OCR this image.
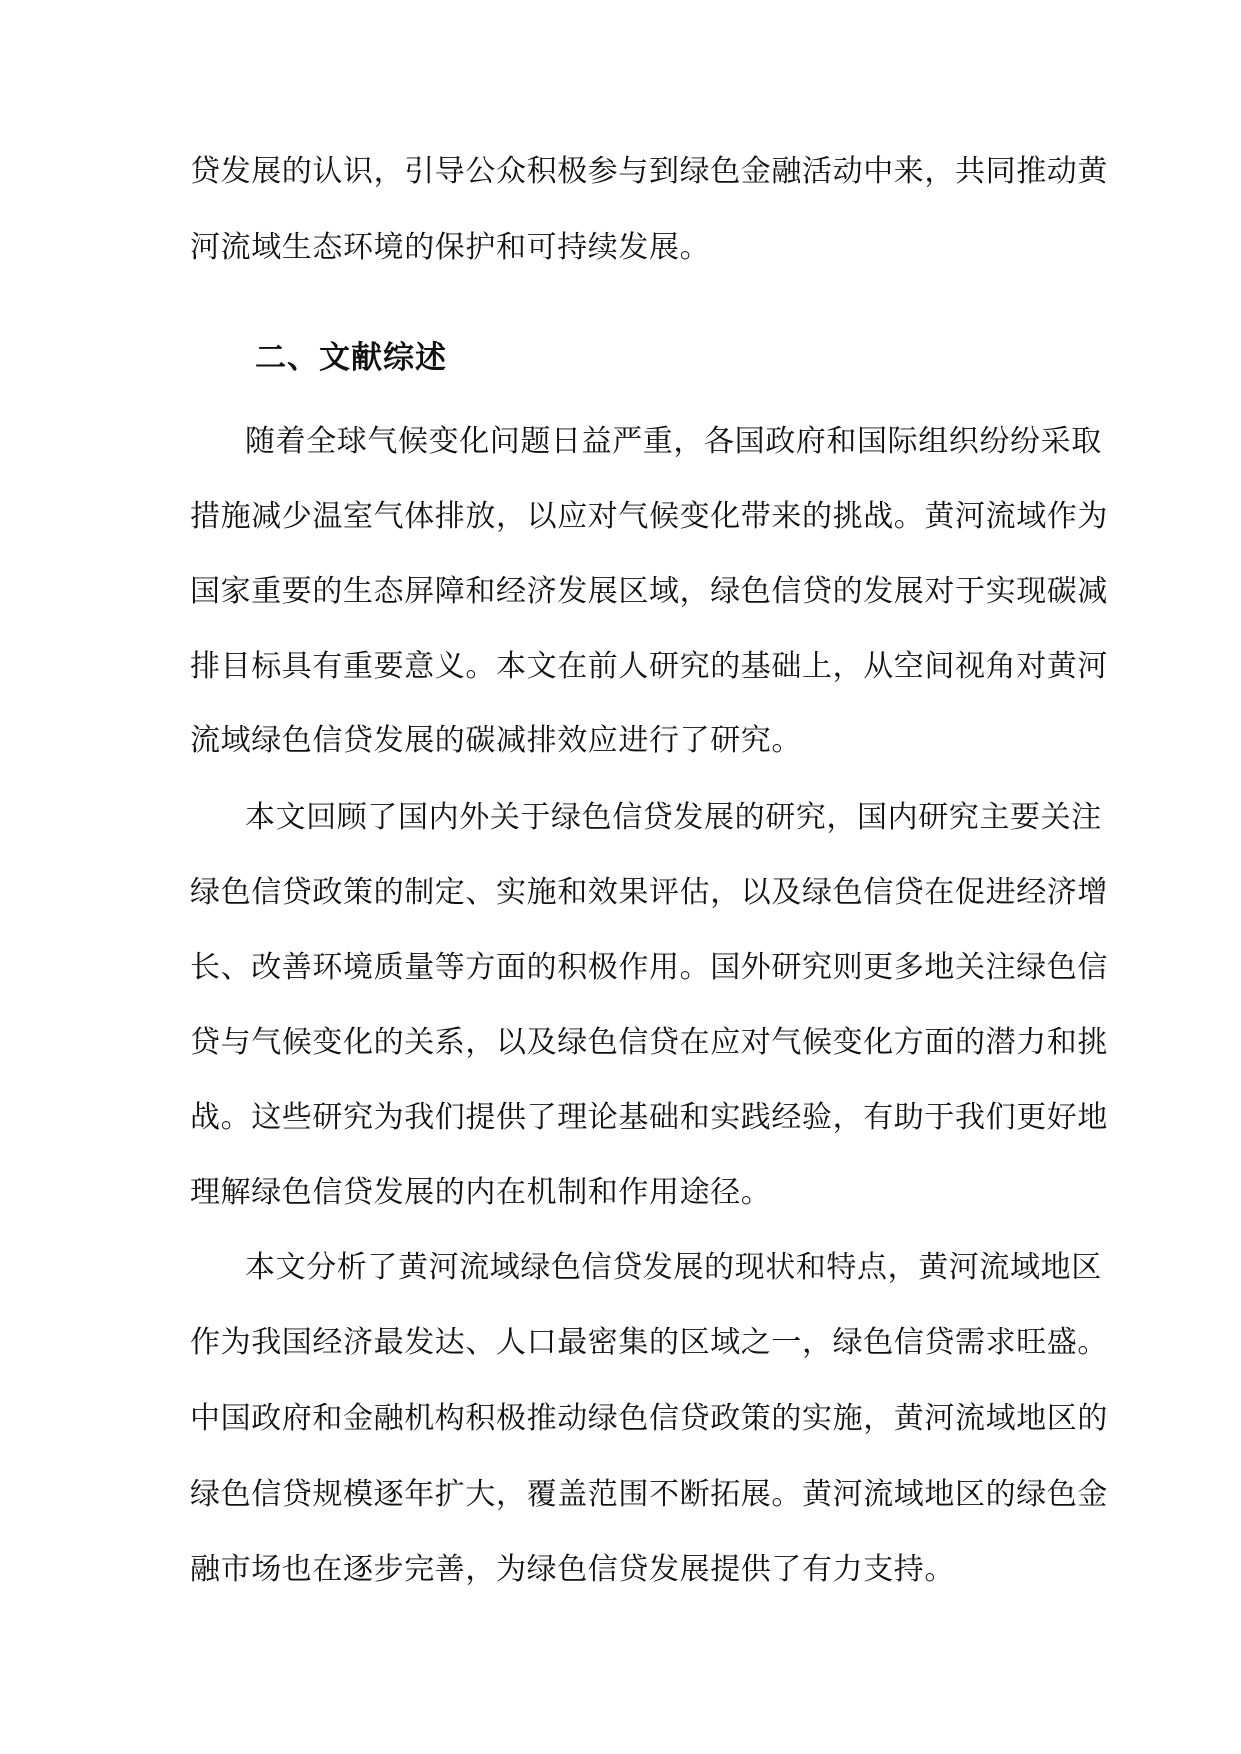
贷发展的认识，引导公众积极参与到绿色金融活动中来，共同推动黄
河流域生态环境的保护和可持续发展。
二、文献综述
随着全球气候变化问题日益严重，各国政府和国际组织纷纷采取
措施减少温室气体排放，以应对气候变化带来的挑战。黄河流域作为
国家重要的生态屏障和经济发展区域，绿色信贷的发展对于实现碳减
排目标具有重要意义。本文在前人研究的基础上，从空间视角对黄河
流域绿色信贷发展的碳减排效应进行了研究。
本文回顾了国内外关于绿色信贷发展的研究，国内研究主要关注
绿色信贷政策的制定、实施和效果评估，以及绿色信贷在促进经济增
长、改善环境质量等方面的积极作用。国外研究则更多地关注绿色信
贷与气候变化的关系，以及绿色信贷在应对气候变化方面的潜力和挑
战。这些研究为我们提供了理论基础和实践经验，有助于我们更好地
理解绿色信贷发展的内在机制和作用途径。
本文分析了黄河流域绿色信贷发展的现状和特点，黄河流域地区
作为我国经济最发达、人口最密集的区域之一，绿色信贷需求旺盛。
中国政府和金融机构积极推动绿色信贷政策的实施，黄河流域地区的
绿色信贷规模逐年扩大，覆盖范围不断拓展。黄河流域地区的绿色金
融市场也在逐步完善，为绿色信贷发展提供了有力支持。
